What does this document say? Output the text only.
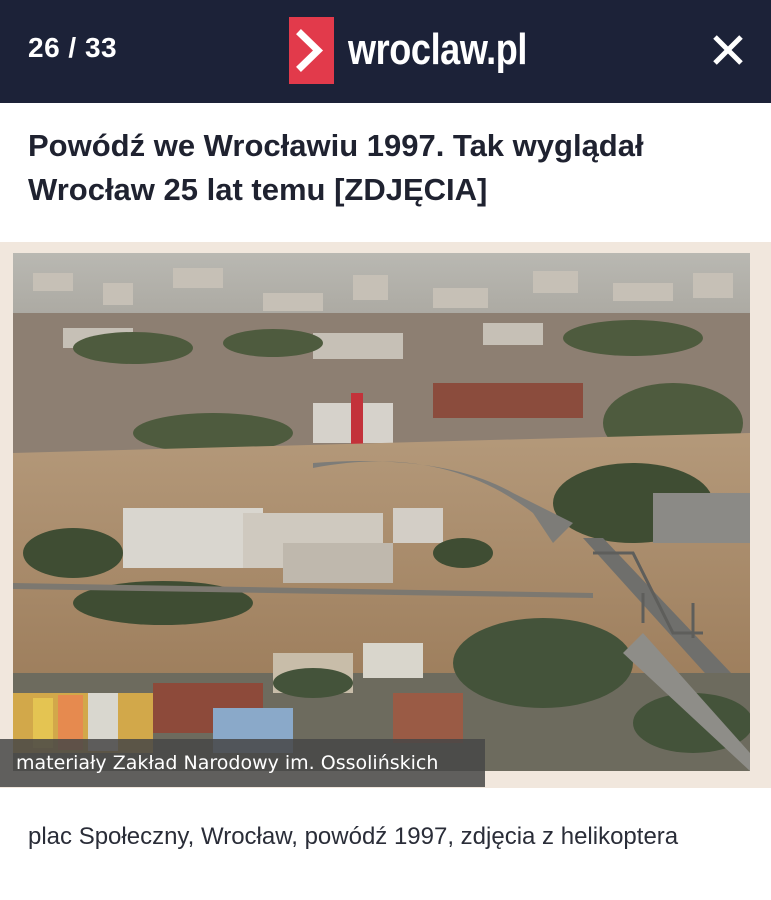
26 / 33	wroclaw.pl
Powódź we Wrocławiu 1997. Tak wyglądał Wrocław 25 lat temu [ZDJĘCIA]
materiały Zakład Narodowy im. Ossolińskich
plac Społeczny, Wrocław, powódź 1997, zdjęcia z helikoptera
